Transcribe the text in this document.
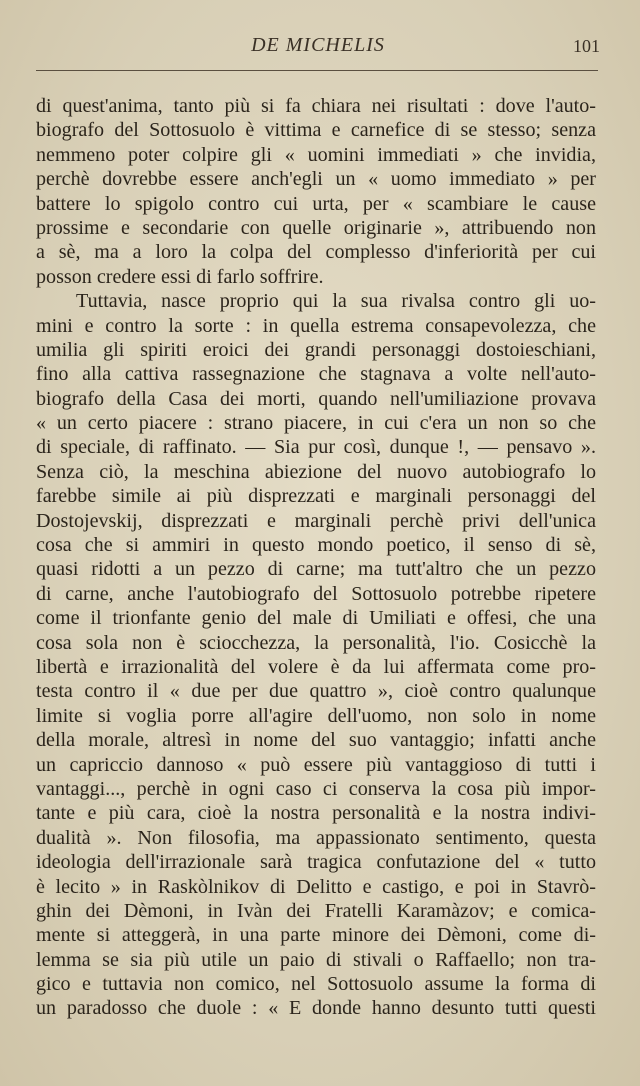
DE MICHELIS	101
di quest'anima, tanto più si fa chiara nei risultati : dove l'auto-
biografo del Sottosuolo è vittima e carnefice di se stesso; senza
nemmeno poter colpire gli « uomini immediati » che invidia,
perchè dovrebbe essere anch'egli un « uomo immediato » per
battere lo spigolo contro cui urta, per « scambiare le cause
prossime e secondarie con quelle originarie », attribuendo non
a sè, ma a loro la colpa del complesso d'inferiorità per cui
posson credere essi di farlo soffrire.
Tuttavia, nasce proprio qui la sua rivalsa contro gli uo-
mini e contro la sorte : in quella estrema consapevolezza, che
umilia gli spiriti eroici dei grandi personaggi dostoieschiani,
fino alla cattiva rassegnazione che stagnava a volte nell'auto-
biografo della Casa dei morti, quando nell'umiliazione provava
« un certo piacere : strano piacere, in cui c'era un non so che
di speciale, di raffinato. — Sia pur così, dunque !, — pensavo ».
Senza ciò, la meschina abiezione del nuovo autobiografo lo
farebbe simile ai più disprezzati e marginali personaggi del
Dostojevskij, disprezzati e marginali perchè privi dell'unica
cosa che si ammiri in questo mondo poetico, il senso di sè,
quasi ridotti a un pezzo di carne; ma tutt'altro che un pezzo
di carne, anche l'autobiografo del Sottosuolo potrebbe ripetere
come il trionfante genio del male di Umiliati e offesi, che una
cosa sola non è sciocchezza, la personalità, l'io. Cosicchè la
libertà e irrazionalità del volere è da lui affermata come pro-
testa contro il « due per due quattro », cioè contro qualunque
limite si voglia porre all'agire dell'uomo, non solo in nome
della morale, altresì in nome del suo vantaggio; infatti anche
un capriccio dannoso « può essere più vantaggioso di tutti i
vantaggi..., perchè in ogni caso ci conserva la cosa più impor-
tante e più cara, cioè la nostra personalità e la nostra indivi-
dualità ». Non filosofia, ma appassionato sentimento, questa
ideologia dell'irrazionale sarà tragica confutazione del « tutto
è lecito » in Raskòlnikov di Delitto e castigo, e poi in Stavrò-
ghin dei Dèmoni, in Ivàn dei Fratelli Karamàzov; e comica-
mente si atteggerà, in una parte minore dei Dèmoni, come di-
lemma se sia più utile un paio di stivali o Raffaello; non tra-
gico e tuttavia non comico, nel Sottosuolo assume la forma di
un paradosso che duole : « E donde hanno desunto tutti questi
